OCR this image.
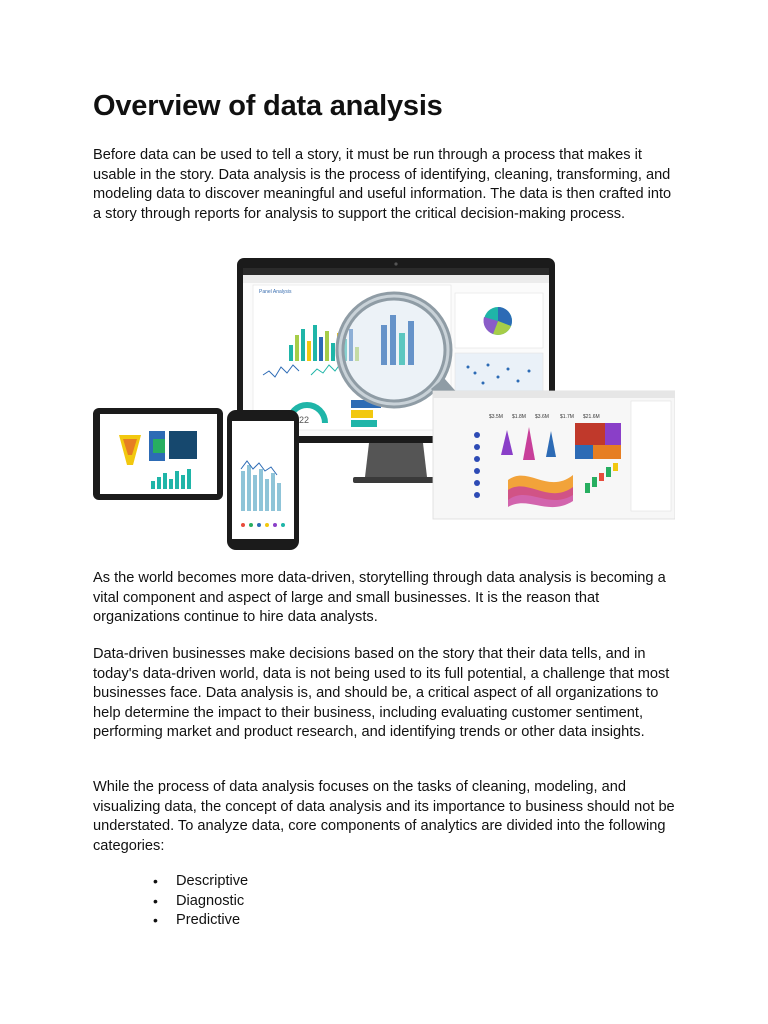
Overview of data analysis

Before data can be used to tell a story, it must be run through a process that makes it usable in the story. Data analysis is the process of identifying, cleaning, transforming, and modeling data to discover meaningful and useful information. The data is then crafted into a story through reports for analysis to support the critical decision-making process.

Panel Analysis
22	$3.5M $1.8M $3.6M $1.7M $21.6M

As the world becomes more data-driven, storytelling through data analysis is becoming a vital component and aspect of large and small businesses. It is the reason that organizations continue to hire data analysts.

Data-driven businesses make decisions based on the story that their data tells, and in today's data-driven world, data is not being used to its full potential, a challenge that most businesses face. Data analysis is, and should be, a critical aspect of all organizations to help determine the impact to their business, including evaluating customer sentiment, performing market and product research, and identifying trends or other data insights.

While the process of data analysis focuses on the tasks of cleaning, modeling, and visualizing data, the concept of data analysis and its importance to business should not be understated. To analyze data, core components of analytics are divided into the following categories:

• Descriptive
• Diagnostic
• Predictive
